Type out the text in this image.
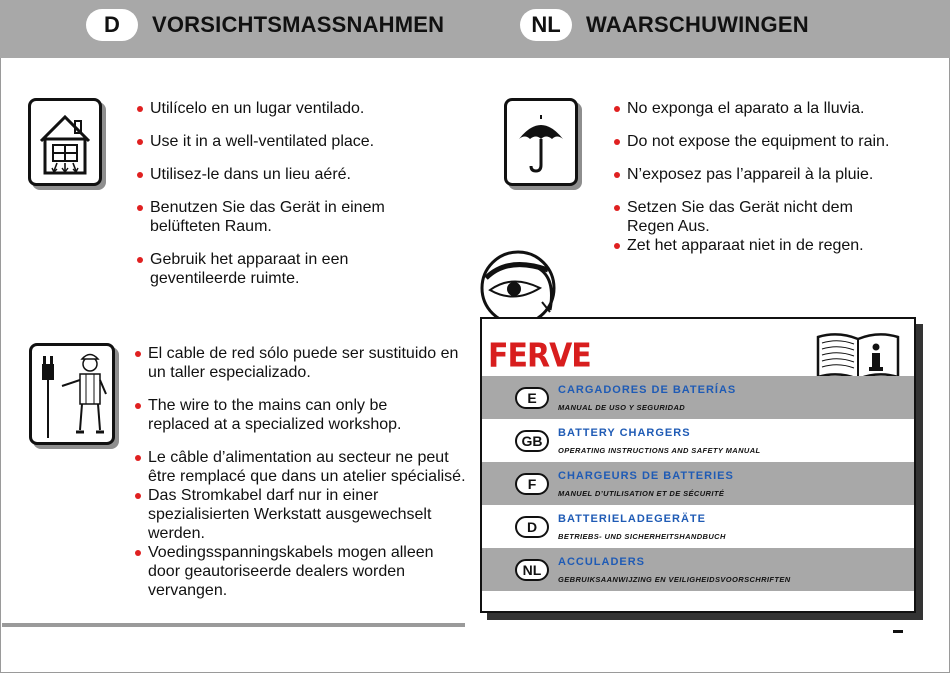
D	VORSICHTSMASSNAHMEN	NL	WAARSCHUWINGEN
Utilícelo en un lugar ventilado.
Use it in a well-ventilated place.
Utilisez-le dans un lieu aéré.
Benutzen Sie das Gerät in einem belüfteten Raum.
Gebruik het apparaat in een geventileerde ruimte.
No exponga el aparato a la lluvia.
Do not expose the equipment to rain.
N’exposez pas l’appareil à la pluie.
Setzen Sie das Gerät nicht dem Regen Aus.
Zet het apparaat niet in de regen.
El cable de red sólo puede ser sustituido en un taller especializado.
The wire to the mains can only be replaced at a specialized workshop.
Le câble d’alimentation au secteur ne peut être remplacé que dans un atelier spécialisé.
Das Stromkabel darf nur in einer spezialisierten Werkstatt ausgewechselt werden.
Voedingsspanningskabels mogen alleen door geautoriseerde dealers worden vervangen.
FERVE
E	CARGADORES DE BATERÍAS
MANUAL DE USO Y SEGURIDAD
GB	BATTERY CHARGERS
OPERATING INSTRUCTIONS AND SAFETY MANUAL
F	CHARGEURS DE BATTERIES
MANUEL D’UTILISATION ET DE SÉCURITÉ
D	BATTERIELADEGERÄTE
BETRIEBS- UND SICHERHEITSHANDBUCH
NL	ACCULADERS
GEBRUIKSAANWIJZING EN VEILIGHEIDSVOORSCHRIFTEN
